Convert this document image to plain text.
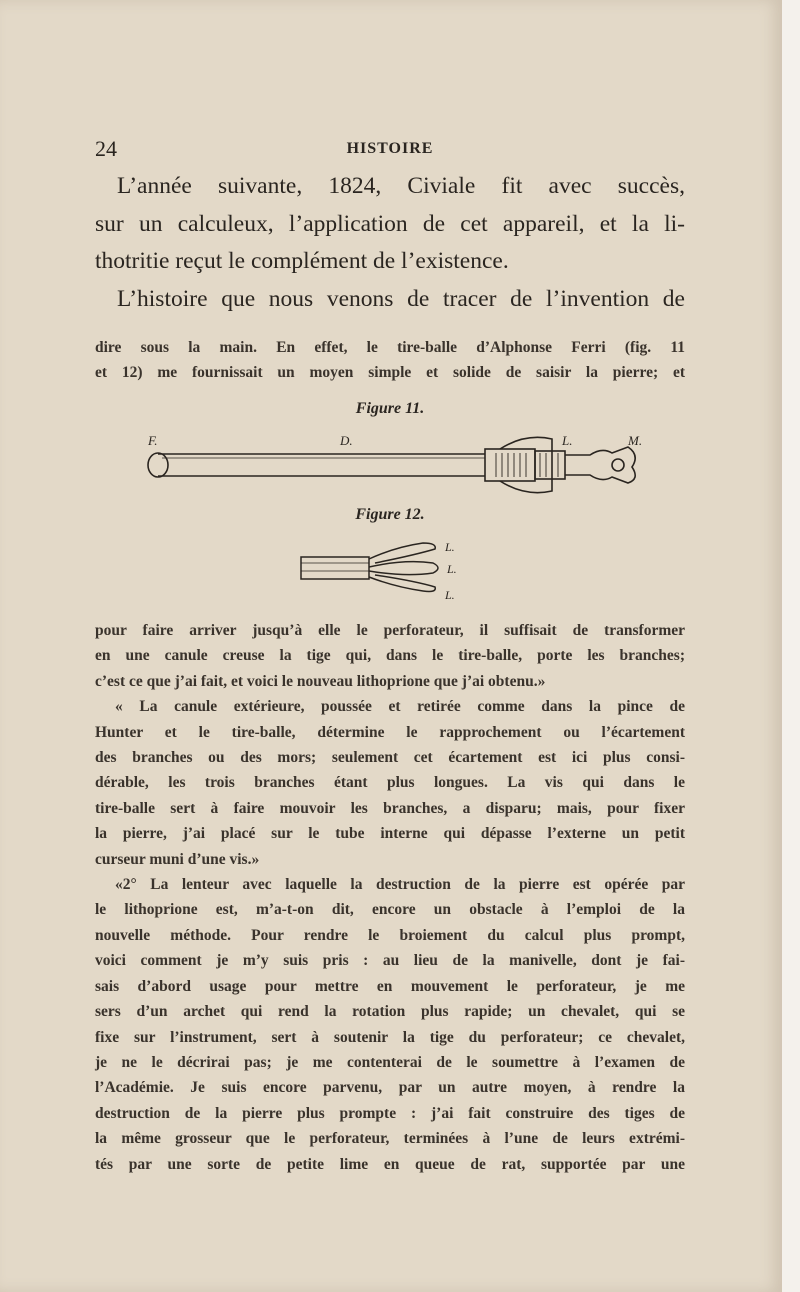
24	HISTOIRE
L’année suivante, 1824, Civiale fit avec succès,
sur un calculeux, l’application de cet appareil, et la li-
thotritie reçut le complément de l’existence.
L’histoire que nous venons de tracer de l’invention de
dire sous la main. En effet, le tire-balle d’Alphonse Ferri (fig. 11
et 12) me fournissait un moyen simple et solide de saisir la pierre; et
Figure 11.
F.	D.	L.	M.
Figure 12.
L.
L.
L.
pour faire arriver jusqu’à elle le perforateur, il suffisait de transformer
en une canule creuse la tige qui, dans le tire-balle, porte les branches;
c’est ce que j’ai fait, et voici le nouveau lithoprione que j’ai obtenu.»
« La canule extérieure, poussée et retirée comme dans la pince de
Hunter et le tire-balle, détermine le rapprochement ou l’écartement
des branches ou des mors; seulement cet écartement est ici plus consi-
dérable, les trois branches étant plus longues. La vis qui dans le
tire-balle sert à faire mouvoir les branches, a disparu; mais, pour fixer
la pierre, j’ai placé sur le tube interne qui dépasse l’externe un petit
curseur muni d’une vis.»
«2° La lenteur avec laquelle la destruction de la pierre est opérée par
le lithoprione est, m’a-t-on dit, encore un obstacle à l’emploi de la
nouvelle méthode. Pour rendre le broiement du calcul plus prompt,
voici comment je m’y suis pris : au lieu de la manivelle, dont je fai-
sais d’abord usage pour mettre en mouvement le perforateur, je me
sers d’un archet qui rend la rotation plus rapide; un chevalet, qui se
fixe sur l’instrument, sert à soutenir la tige du perforateur; ce chevalet,
je ne le décrirai pas; je me contenterai de le soumettre à l’examen de
l’Académie. Je suis encore parvenu, par un autre moyen, à rendre la
destruction de la pierre plus prompte : j’ai fait construire des tiges de
la même grosseur que le perforateur, terminées à l’une de leurs extrémi-
tés par une sorte de petite lime en queue de rat, supportée par une
